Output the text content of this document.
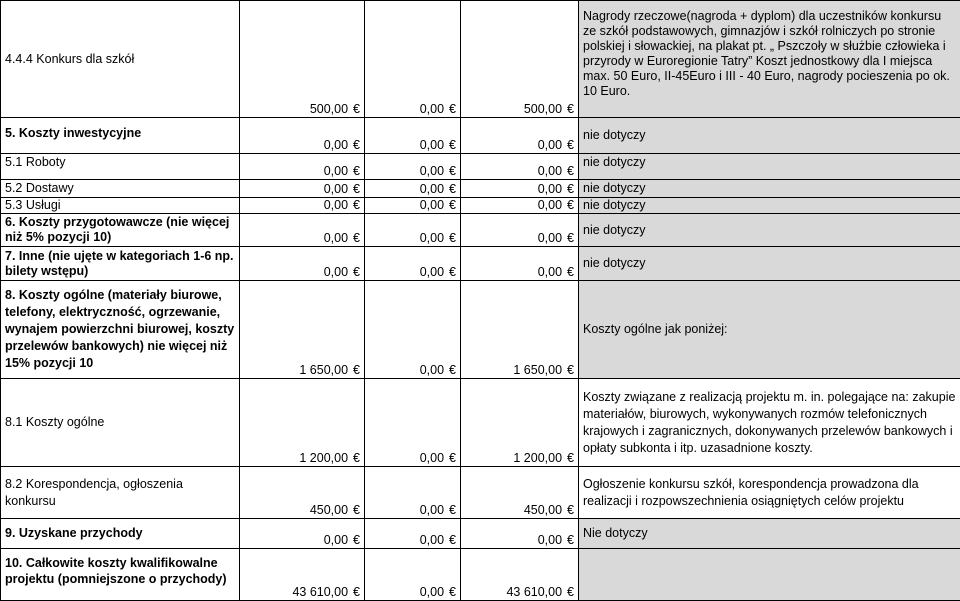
4.4.4 Konkurs dla szkół	500,00 €	0,00 €	500,00 €	Nagrody rzeczowe(nagroda + dyplom) dla uczestników konkursu ze szkół podstawowych, gimnazjów i szkół rolniczych po stronie polskiej i słowackiej, na plakat pt. „ Pszczoły w służbie człowieka i przyrody w Euroregionie Tatry” Koszt jednostkowy dla I miejsca max. 50 Euro, II-45Euro i III - 40 Euro, nagrody pocieszenia po ok. 10 Euro.
5. Koszty inwestycyjne	0,00 €	0,00 €	0,00 €	nie dotyczy
5.1 Roboty	0,00 €	0,00 €	0,00 €	nie dotyczy
5.2 Dostawy	0,00 €	0,00 €	0,00 €	nie dotyczy
5.3 Usługi	0,00 €	0,00 €	0,00 €	nie dotyczy
6. Koszty przygotowawcze (nie więcej niż 5% pozycji 10)	0,00 €	0,00 €	0,00 €	nie dotyczy
7. Inne (nie ujęte w kategoriach 1-6 np. bilety wstępu)	0,00 €	0,00 €	0,00 €	nie dotyczy
8. Koszty ogólne (materiały biurowe, telefony, elektryczność, ogrzewanie, wynajem powierzchni biurowej, koszty przelewów bankowych) nie więcej niż 15% pozycji 10	1 650,00 €	0,00 €	1 650,00 €	Koszty ogólne jak poniżej:
8.1 Koszty ogólne	1 200,00 €	0,00 €	1 200,00 €	Koszty związane z realizacją projektu m. in. polegające na: zakupie materiałów, biurowych, wykonywanych rozmów telefonicznych krajowych i zagranicznych, dokonywanych przelewów bankowych i opłaty subkonta i itp. uzasadnione koszty.
8.2 Korespondencja, ogłoszenia konkursu	450,00 €	0,00 €	450,00 €	Ogłoszenie konkursu szkół, korespondencja prowadzona dla realizacji i rozpowszechnienia osiągniętych celów projektu
9. Uzyskane przychody	0,00 €	0,00 €	0,00 €	Nie dotyczy
10. Całkowite koszty kwalifikowalne projektu (pomniejszone o przychody)	43 610,00 €	0,00 €	43 610,00 €	
